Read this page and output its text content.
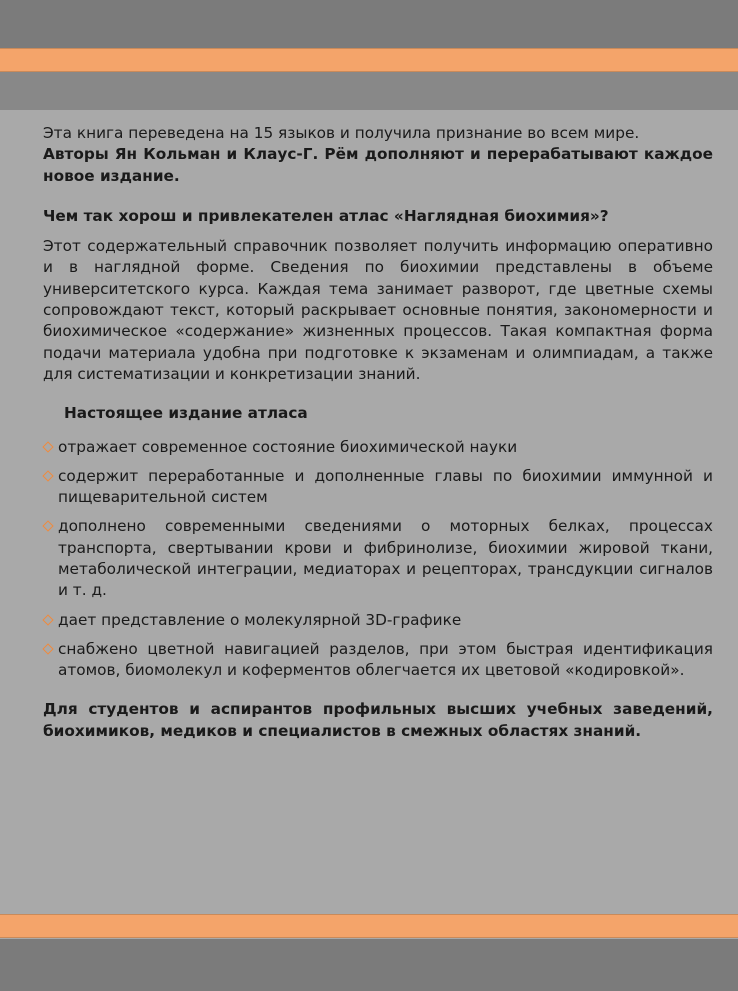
Эта книга переведена на 15 языков и получила признание во всем мире.

Авторы Ян Кольман и Клаус-Г. Рём дополняют и перерабатывают каждое новое издание.

Чем так хорош и привлекателен атлас «Наглядная биохимия»?

Этот содержательный справочник позволяет получить информацию оперативно и в наглядной форме. Сведения по биохимии представлены в объеме университетского курса. Каждая тема занимает разворот, где цветные схемы сопровождают текст, который раскрывает основные понятия, закономерности и биохимическое «содержание» жизненных процессов. Такая компактная форма подачи материала удобна при подготовке к экзаменам и олимпиадам, а также для систематизации и конкретизации знаний.

Настоящее издание атласа

отражает современное состояние биохимической науки
содержит переработанные и дополненные главы по биохимии иммунной и пищеварительной систем
дополнено современными сведениями о моторных белках, процессах транспорта, свертывании крови и фибринолизе, биохимии жировой ткани, метаболической интеграции, медиаторах и рецепторах, трансдукции сигналов и т. д.
дает представление о молекулярной 3D-графике
снабжено цветной навигацией разделов, при этом быстрая идентификация атомов, биомолекул и коферментов облегчается их цветовой «кодировкой».

Для студентов и аспирантов профильных высших учебных заведений, биохимиков, медиков и специалистов в смежных областях знаний.
